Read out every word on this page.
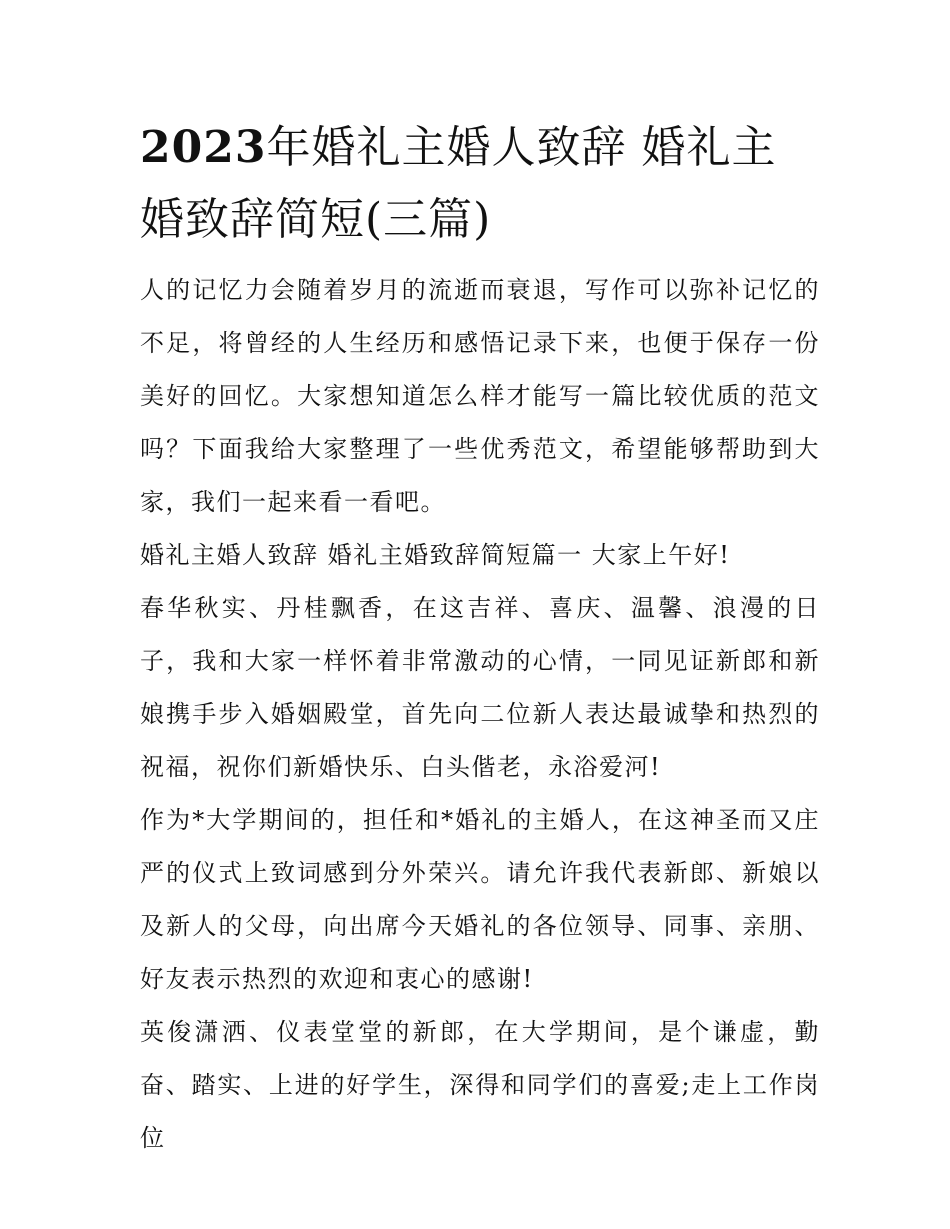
2023年婚礼主婚人致辞 婚礼主婚致辞简短(三篇)

人的记忆力会随着岁月的流逝而衰退，写作可以弥补记忆的不足，将曾经的人生经历和感悟记录下来，也便于保存一份美好的回忆。大家想知道怎么样才能写一篇比较优质的范文吗？下面我给大家整理了一些优秀范文，希望能够帮助到大家，我们一起来看一看吧。

婚礼主婚人致辞 婚礼主婚致辞简短篇一 大家上午好!

春华秋实、丹桂飘香，在这吉祥、喜庆、温馨、浪漫的日子，我和大家一样怀着非常激动的心情，一同见证新郎和新娘携手步入婚姻殿堂，首先向二位新人表达最诚挚和热烈的祝福，祝你们新婚快乐、白头偕老，永浴爱河!

作为*大学期间的，担任和*婚礼的主婚人，在这神圣而又庄严的仪式上致词感到分外荣兴。请允许我代表新郎、新娘以及新人的父母，向出席今天婚礼的各位领导、同事、亲朋、好友表示热烈的欢迎和衷心的感谢!

英俊潇洒、仪表堂堂的新郎，在大学期间，是个谦虚，勤奋、踏实、上进的好学生，深得和同学们的喜爱;走上工作岗位
